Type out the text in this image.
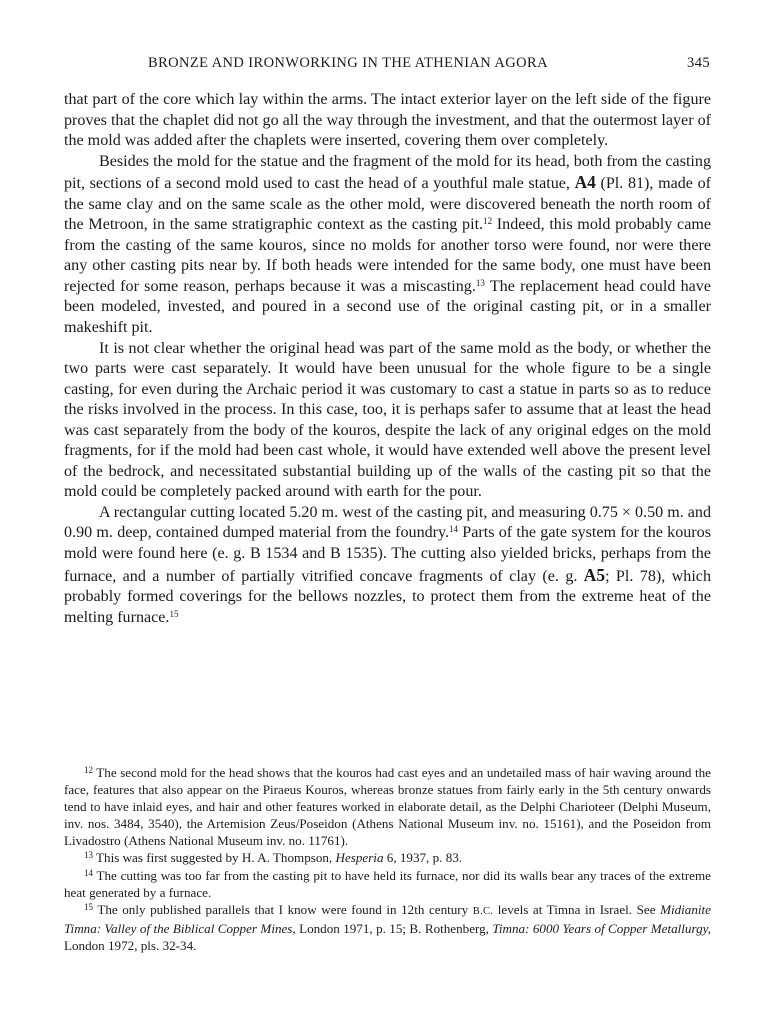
BRONZE AND IRONWORKING IN THE ATHENIAN AGORA	345

that part of the core which lay within the arms. The intact exterior layer on the left side of the figure proves that the chaplet did not go all the way through the investment, and that the outermost layer of the mold was added after the chaplets were inserted, covering them over completely.

Besides the mold for the statue and the fragment of the mold for its head, both from the casting pit, sections of a second mold used to cast the head of a youthful male statue, A4 (Pl. 81), made of the same clay and on the same scale as the other mold, were discovered beneath the north room of the Metroon, in the same stratigraphic context as the casting pit.$^{12}$ Indeed, this mold probably came from the casting of the same kouros, since no molds for another torso were found, nor were there any other casting pits near by. If both heads were intended for the same body, one must have been rejected for some reason, perhaps because it was a miscasting.$^{13}$ The replacement head could have been modeled, invested, and poured in a second use of the original casting pit, or in a smaller makeshift pit.

It is not clear whether the original head was part of the same mold as the body, or whether the two parts were cast separately. It would have been unusual for the whole figure to be a single casting, for even during the Archaic period it was customary to cast a statue in parts so as to reduce the risks involved in the process. In this case, too, it is perhaps safer to assume that at least the head was cast separately from the body of the kouros, despite the lack of any original edges on the mold fragments, for if the mold had been cast whole, it would have extended well above the present level of the bedrock, and necessitated substantial building up of the walls of the casting pit so that the mold could be completely packed around with earth for the pour.

A rectangular cutting located 5.20 m. west of the casting pit, and measuring 0.75 × 0.50 m. and 0.90 m. deep, contained dumped material from the foundry.$^{14}$ Parts of the gate system for the kouros mold were found here (e. g. B 1534 and B 1535). The cutting also yielded bricks, perhaps from the furnace, and a number of partially vitrified concave fragments of clay (e. g. A5; Pl. 78), which probably formed coverings for the bellows nozzles, to protect them from the extreme heat of the melting furnace.$^{15}$

$^{12}$ The second mold for the head shows that the kouros had cast eyes and an undetailed mass of hair waving around the face, features that also appear on the Piraeus Kouros, whereas bronze statues from fairly early in the 5th century onwards tend to have inlaid eyes, and hair and other features worked in elaborate detail, as the Delphi Charioteer (Delphi Museum, inv. nos. 3484, 3540), the Artemision Zeus/Poseidon (Athens National Museum inv. no. 15161), and the Poseidon from Livadostro (Athens National Museum inv. no. 11761).

$^{13}$ This was first suggested by H. A. Thompson, Hesperia 6, 1937, p. 83.

$^{14}$ The cutting was too far from the casting pit to have held its furnace, nor did its walls bear any traces of the extreme heat generated by a furnace.

$^{15}$ The only published parallels that I know were found in 12th century B.C. levels at Timna in Israel. See Midianite Timna: Valley of the Biblical Copper Mines, London 1971, p. 15; B. Rothenberg, Timna: 6000 Years of Copper Metallurgy, London 1972, pls. 32-34.
